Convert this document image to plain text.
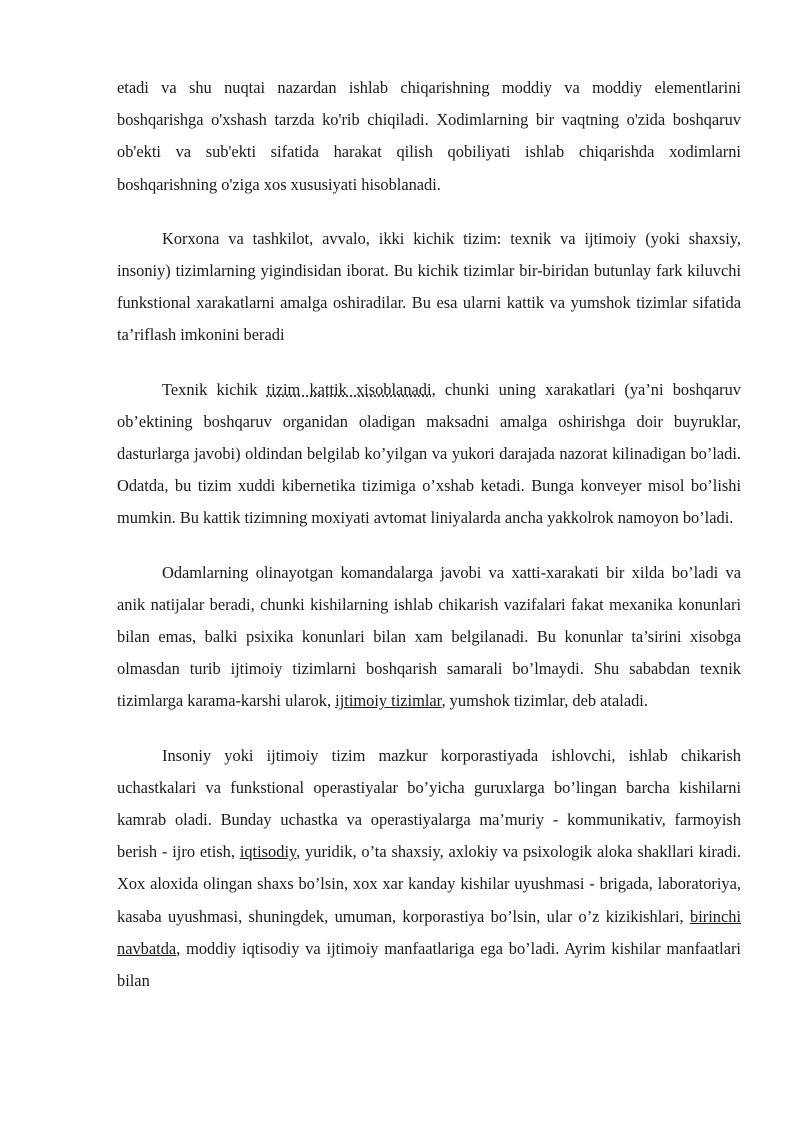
etadi va shu nuqtai nazardan ishlab chiqarishning moddiy va moddiy elementlarini boshqarishga o'xshash tarzda ko'rib chiqiladi. Xodimlarning bir vaqtning o'zida boshqaruv ob'ekti va sub'ekti sifatida harakat qilish qobiliyati ishlab chiqarishda xodimlarni boshqarishning o'ziga xos xususiyati hisoblanadi.

Korxona va tashkilot, avvalo, ikki kichik tizim: texnik va ijtimoiy (yoki shaxsiy, insoniy) tizimlarning yigindisidan iborat. Bu kichik tizimlar bir-biridan butunlay fark kiluvchi funkstional xarakatlarni amalga oshiradilar. Bu esa ularni kattik va yumshok tizimlar sifatida ta’riflash imkonini beradi

Texnik kichik tizim kattik xisoblanadi, chunki uning xarakatlari (ya’ni boshqaruv ob’ektining boshqaruv organidan oladigan maksadni amalga oshirishga doir buyruklar, dasturlarga javobi) oldindan belgilab ko’yilgan va yukori darajada nazorat kilinadigan bo’ladi. Odatda, bu tizim xuddi kibernetika tizimiga o’xshab ketadi. Bunga konveyer misol bo’lishi mumkin. Bu kattik tizimning moxiyati avtomat liniyalarda ancha yakkolrok namoyon bo’ladi.

Odamlarning olinayotgan komandalarga javobi va xatti-xarakati bir xilda bo’ladi va anik natijalar beradi, chunki kishilarning ishlab chikarish vazifalari fakat mexanika konunlari bilan emas, balki psixika konunlari bilan xam belgilanadi. Bu konunlar ta’sirini xisobga olmasdan turib ijtimoiy tizimlarni boshqarish samarali bo’lmaydi. Shu sababdan texnik tizimlarga karama-karshi ularok, ijtimoiy tizimlar, yumshok tizimlar, deb ataladi.

Insoniy yoki ijtimoiy tizim mazkur korporastiyada ishlovchi, ishlab chikarish uchastkalari va funkstional operastiyalar bo’yicha guruxlarga bo’lingan barcha kishilarni kamrab oladi. Bunday uchastka va operastiyalarga ma’muriy - kommunikativ, farmoyish berish - ijro etish, iqtisodiy, yuridik, o’ta shaxsiy, axlokiy va psixologik aloka shakllari kiradi. Xox aloxida olingan shaxs bo’lsin, xox xar kanday kishilar uyushmasi - brigada, laboratoriya, kasaba uyushmasi, shuningdek, umuman, korporastiya bo’lsin, ular o’z kizikishlari, birinchi navbatda, moddiy iqtisodiy va ijtimoiy manfaatlariga ega bo’ladi. Ayrim kishilar manfaatlari bilan
